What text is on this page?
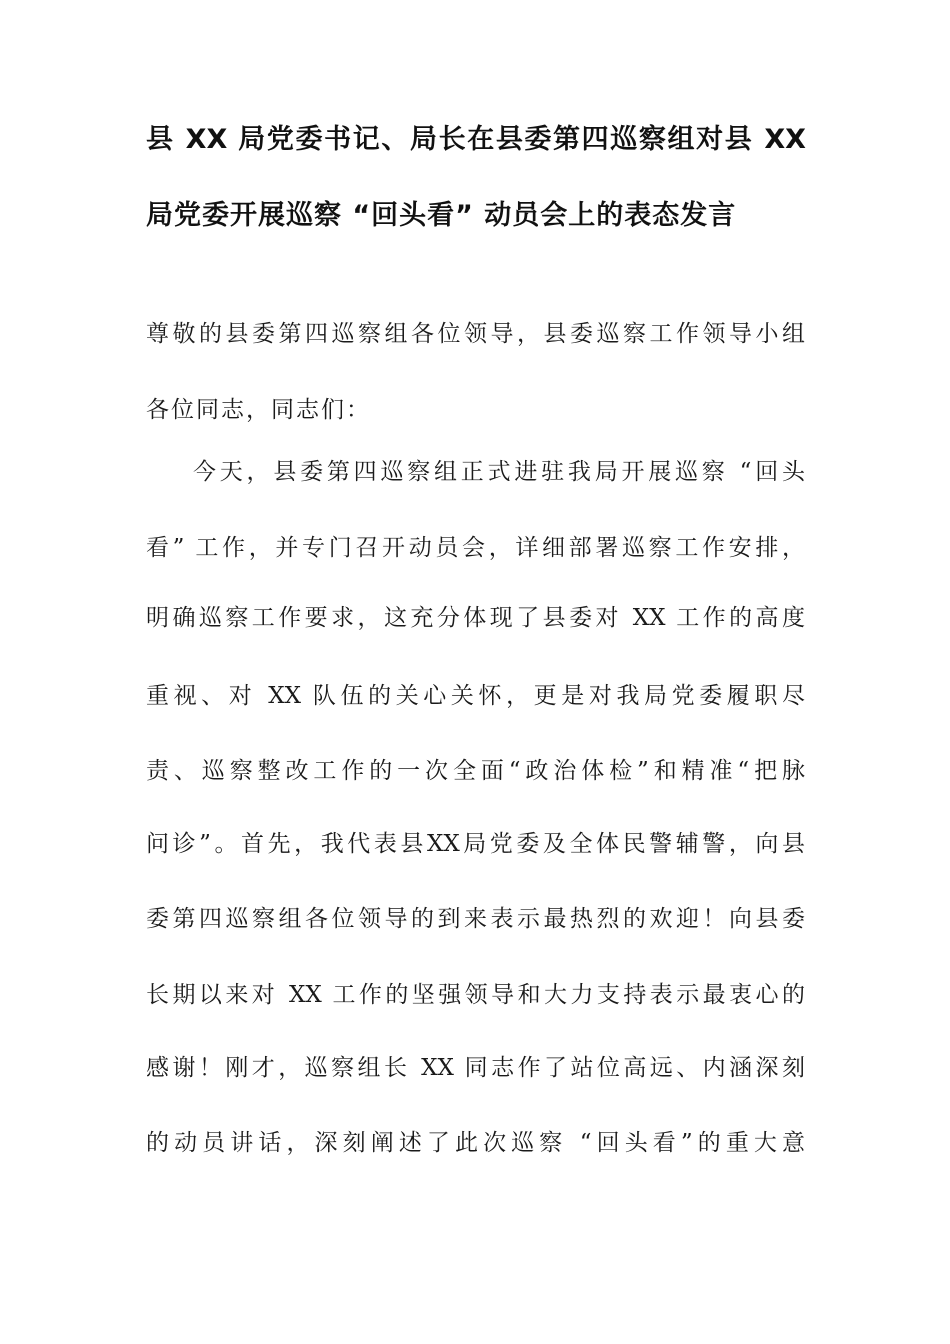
县 XX 局党委书记、局长在县委第四巡察组对县 XX
局党委开展巡察 “回头看” 动员会上的表态发言
尊敬的县委第四巡察组各位领导，县委巡察工作领导小组
各位同志，同志们：
今天，县委第四巡察组正式进驻我局开展巡察 “回头
看” 工作，并专门召开动员会，详细部署巡察工作安排，
明确巡察工作要求，这充分体现了县委对 XX 工作的高度
重视、对 XX 队伍的关心关怀，更是对我局党委履职尽
责、巡察整改工作的一次全面“政治体检”和精准“把脉
问诊”。首先，我代表县XX局党委及全体民警辅警，向县
委第四巡察组各位领导的到来表示最热烈的欢迎！向县委
长期以来对 XX 工作的坚强领导和大力支持表示最衷心的
感谢！刚才，巡察组长 XX 同志作了站位高远、内涵深刻
的动员讲话，深刻阐述了此次巡察 “回头看”的重大意
